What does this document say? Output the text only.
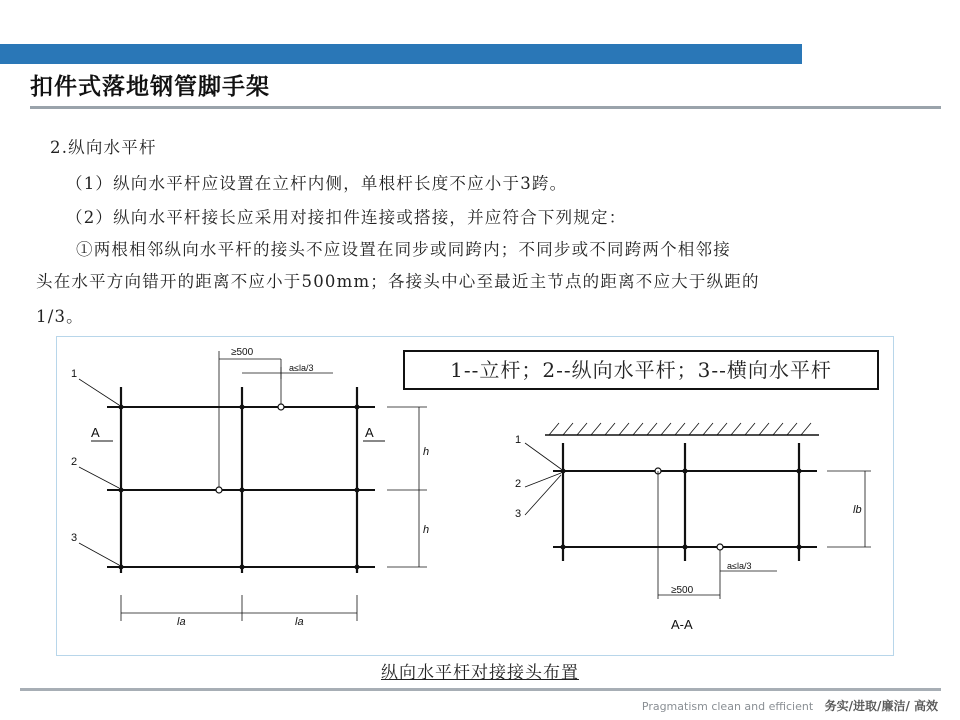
扣件式落地钢管脚手架
2.纵向水平杆
（1）纵向水平杆应设置在立杆内侧，单根杆长度不应小于3跨。
（2）纵向水平杆接长应采用对接扣件连接或搭接，并应符合下列规定：
①两根相邻纵向水平杆的接头不应设置在同步或同跨内；不同步或不同跨两个相邻接
头在水平方向错开的距离不应小于500mm；各接头中心至最近主节点的距离不应大于纵距的
1/3。
1
2
3
A	A
≥500
a≤la/3
h
h
la	la
1
2
3	lb
a≤la/3
≥500
A-A
1--立杆；2--纵向水平杆；3--横向水平杆
纵向水平杆对接接头布置
Pragmatism clean and efficient 务实/进取/廉洁/ 高效
